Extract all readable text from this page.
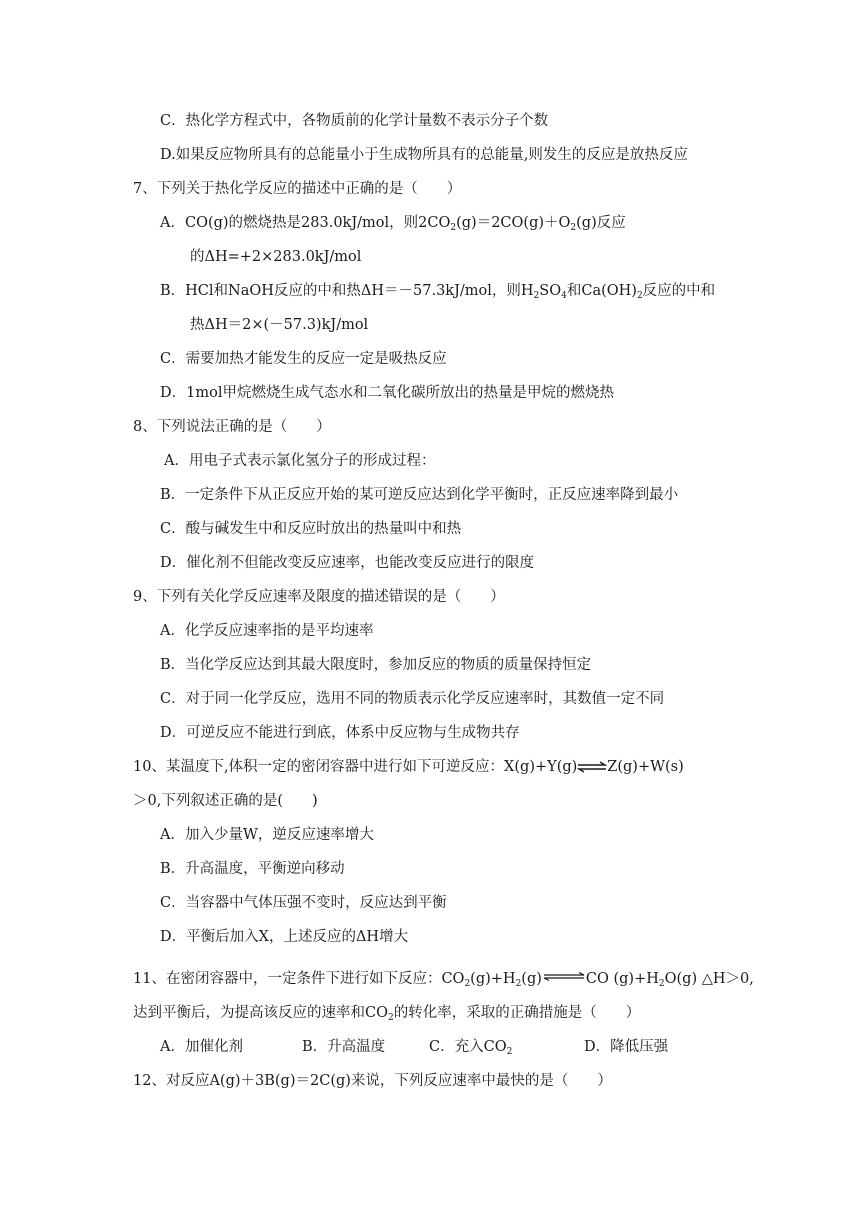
C．热化学方程式中，各物质前的化学计量数不表示分子个数
D.如果反应物所具有的总能量小于生成物所具有的总能量,则发生的反应是放热反应
7、下列关于热化学反应的描述中正确的是（　　）
A．CO(g)的燃烧热是283.0kJ/mol，则$2CO_2(g)=2CO(g)+O_2(g)$反应
的ΔH=+2×283.0kJ/mol
B．HCl和NaOH反应的中和热ΔH＝－57.3kJ/mol，则$H_2SO_4$和$Ca(OH)_2$反应的中和
热ΔH＝2×(－57.3)kJ/mol
C．需要加热才能发生的反应一定是吸热反应
D．1mol甲烷燃烧生成气态水和二氧化碳所放出的热量是甲烷的燃烧热
8、下列说法正确的是（　　）
A．用电子式表示氯化氢分子的形成过程：
B．一定条件下从正反应开始的某可逆反应达到化学平衡时，正反应速率降到最小
C．酸与碱发生中和反应时放出的热量叫中和热
D．催化剂不但能改变反应速率，也能改变反应进行的限度
9、下列有关化学反应速率及限度的描述错误的是（　　）
A．化学反应速率指的是平均速率
B．当化学反应达到其最大限度时，参加反应的物质的质量保持恒定
C．对于同一化学反应，选用不同的物质表示化学反应速率时，其数值一定不同
D．可逆反应不能进行到底，体系中反应物与生成物共存
10、某温度下,体积一定的密闭容器中进行如下可逆反应：X(g)+Y(g)⇌Z(g)+W(s)
＞0,下列叙述正确的是(　　)
A．加入少量W，逆反应速率增大
B．升高温度，平衡逆向移动
C．当容器中气体压强不变时，反应达到平衡
D．平衡后加入X，上述反应的ΔH增大
11、在密闭容器中，一定条件下进行如下反应：$CO_2(g)+H_2(g)\rightleftharpoons CO$ $(g)+H_2O(g)$ △H＞0,
达到平衡后，为提高该反应的速率和$CO_2$的转化率，采取的正确措施是（　　）
A．加催化剂	B．升高温度	C．充入$CO_2$	D．降低压强
12、对反应A(g)＋3B(g)＝2C(g)来说，下列反应速率中最快的是（　　）
